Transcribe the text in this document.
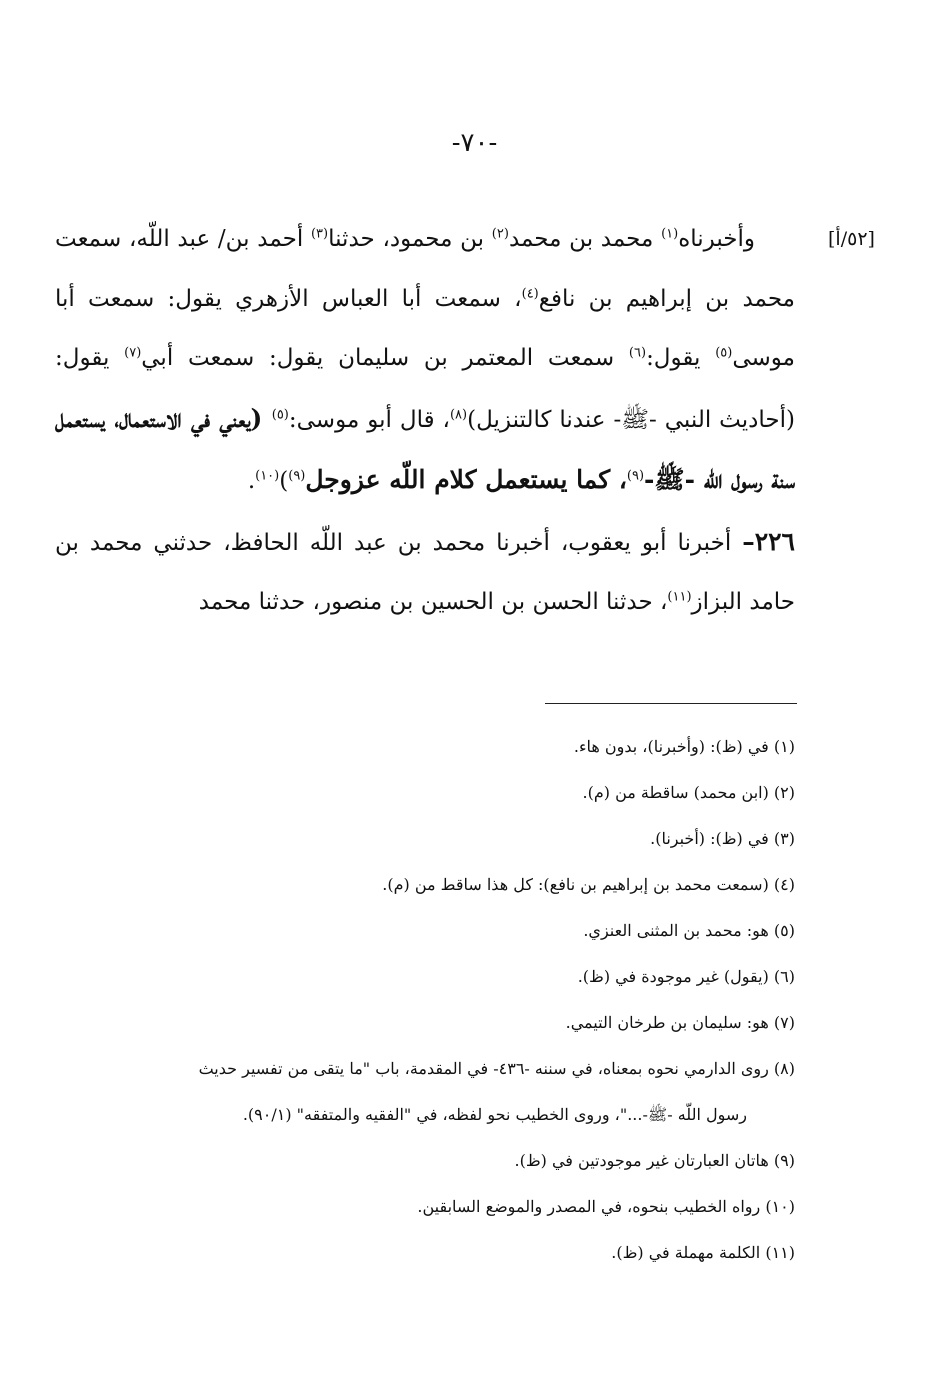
-٧٠-
[٥٢/أ]

وأخبرناه$^{(١)}$ محمد بن محمد$^{(٢)}$ بن محمود، حدثنا$^{(٣)}$ أحمد بن/ عبد اللّه، سمعت محمد بن إبراهيم بن نافع$^{(٤)}$، سمعت أبا العباس الأزهري يقول: سمعت أبا موسى$^{(٥)}$ يقول:$^{(٦)}$ سمعت المعتمر بن سليمان يقول: سمعت أبي$^{(٧)}$ يقول: (أحاديث النبي -ﷺ- عندنا كالتنزيل)$^{(٨)}$، قال أبو موسى:$^{(٥)}$ (يعني في الاستعمال، يستعمل سنة رسول اللّه -ﷺ-$^{(٩)}$، كما يستعمل كلام اللّه عزوجل$^{(٩)}$)$^{(١٠)}$.

٢٢٦– أخبرنا أبو يعقوب، أخبرنا محمد بن عبد اللّه الحافظ، حدثني محمد بن حامد البزاز$^{(١١)}$، حدثنا الحسن بن الحسين بن منصور، حدثنا محمد

(١) في (ظ): (وأخبرنا)، بدون هاء.
(٢) (ابن محمد) ساقطة من (م).
(٣) في (ظ): (أخبرنا).
(٤) (سمعت محمد بن إبراهيم بن نافع): كل هذا ساقط من (م).
(٥) هو: محمد بن المثنى العنزي.
(٦) (يقول) غير موجودة في (ظ).
(٧) هو: سليمان بن طرخان التيمي.
(٨) روى الدارمي نحوه بمعناه، في سننه -٤٣٦- في المقدمة، باب "ما يتقى من تفسير حديث
رسول اللّه -ﷺ-..."، وروى الخطيب نحو لفظه، في "الفقيه والمتفقه" (٩٠/١).
(٩) هاتان العبارتان غير موجودتين في (ظ).
(١٠) رواه الخطيب بنحوه، في المصدر والموضع السابقين.
(١١) الكلمة مهملة في (ظ).
